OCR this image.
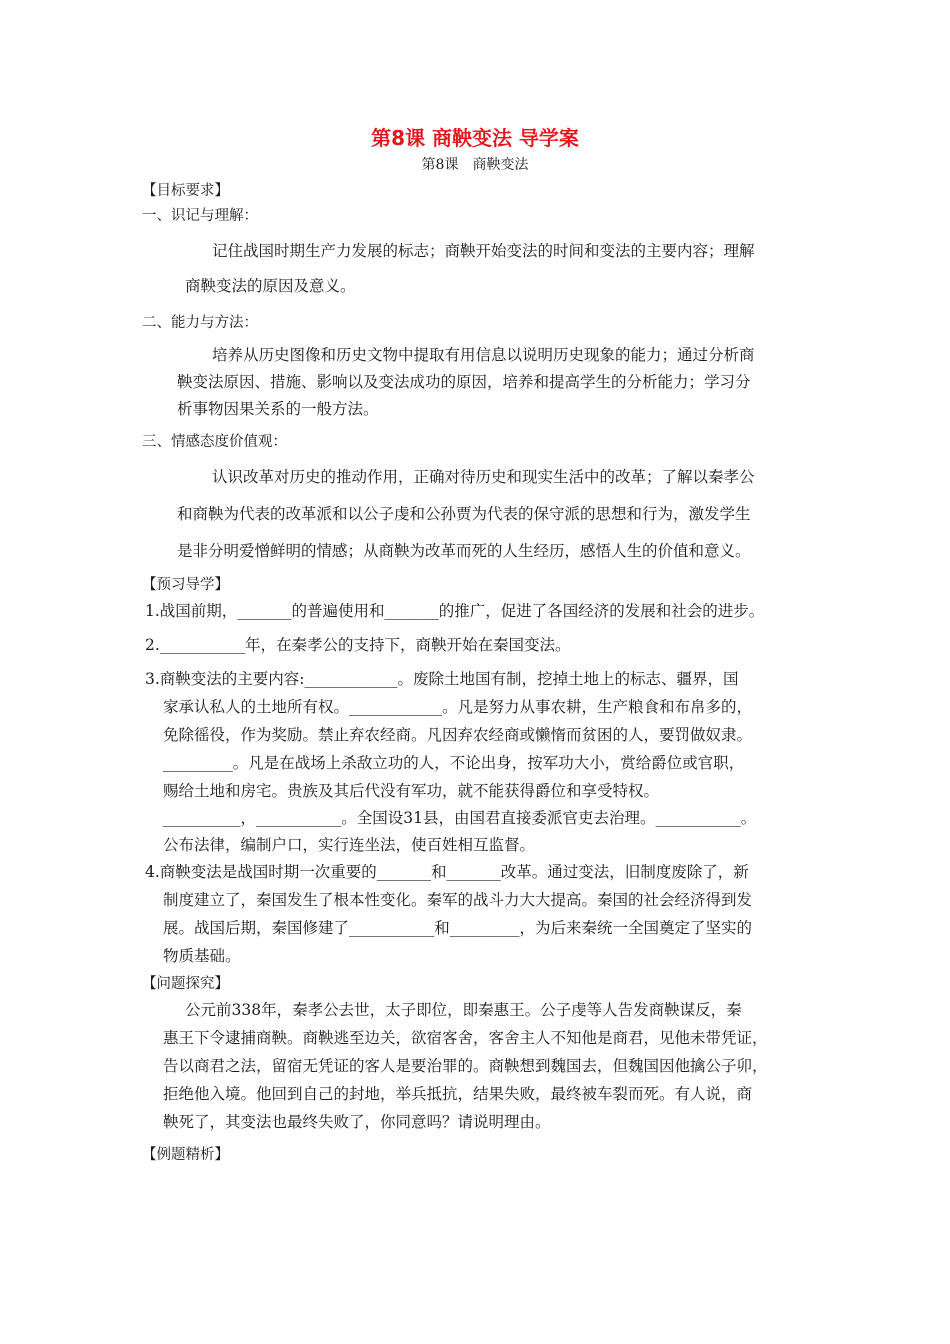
第8课 商鞅变法 导学案
第8课　商鞅变法
【目标要求】
一、识记与理解：
记住战国时期生产力发展的标志；商鞅开始变法的时间和变法的主要内容；理解
商鞅变法的原因及意义。
二、能力与方法：
培养从历史图像和历史文物中提取有用信息以说明历史现象的能力；通过分析商
鞅变法原因、措施、影响以及变法成功的原因，培养和提高学生的分析能力；学习分
析事物因果关系的一般方法。
三、情感态度价值观：
认识改革对历史的推动作用，正确对待历史和现实生活中的改革；了解以秦孝公
和商鞅为代表的改革派和以公子虔和公孙贾为代表的保守派的思想和行为，激发学生
是非分明爱憎鲜明的情感；从商鞅为改革而死的人生经历，感悟人生的价值和意义。
【预习导学】
1.战国前期，_______的普遍使用和_______的推广，促进了各国经济的发展和社会的进步。
2.___________年，在秦孝公的支持下，商鞅开始在秦国变法。
3.商鞅变法的主要内容:____________。废除土地国有制，挖掉土地上的标志、疆界，国
家承认私人的土地所有权。____________。凡是努力从事农耕，生产粮食和布帛多的，
免除徭役，作为奖励。禁止弃农经商。凡因弃农经商或懒惰而贫困的人，要罚做奴隶。
_________。凡是在战场上杀敌立功的人，不论出身，按军功大小，赏给爵位或官职，
赐给土地和房宅。贵族及其后代没有军功，就不能获得爵位和享受特权。
__________，___________。全国设31县，由国君直接委派官吏去治理。___________。
公布法律，编制户口，实行连坐法，使百姓相互监督。
4.商鞅变法是战国时期一次重要的_______和_______改革。通过变法，旧制度废除了，新
制度建立了，秦国发生了根本性变化。秦军的战斗力大大提高。秦国的社会经济得到发
展。战国后期，秦国修建了___________和_________，为后来秦统一全国奠定了坚实的
物质基础。
【问题探究】
公元前338年，秦孝公去世，太子即位，即秦惠王。公子虔等人告发商鞅谋反，秦
惠王下令逮捕商鞅。商鞅逃至边关，欲宿客舍，客舍主人不知他是商君，见他未带凭证，
告以商君之法，留宿无凭证的客人是要治罪的。商鞅想到魏国去，但魏国因他擒公子卯，
拒绝他入境。他回到自己的封地，举兵抵抗，结果失败，最终被车裂而死。有人说，商
鞅死了，其变法也最终失败了，你同意吗？请说明理由。
【例题精析】
